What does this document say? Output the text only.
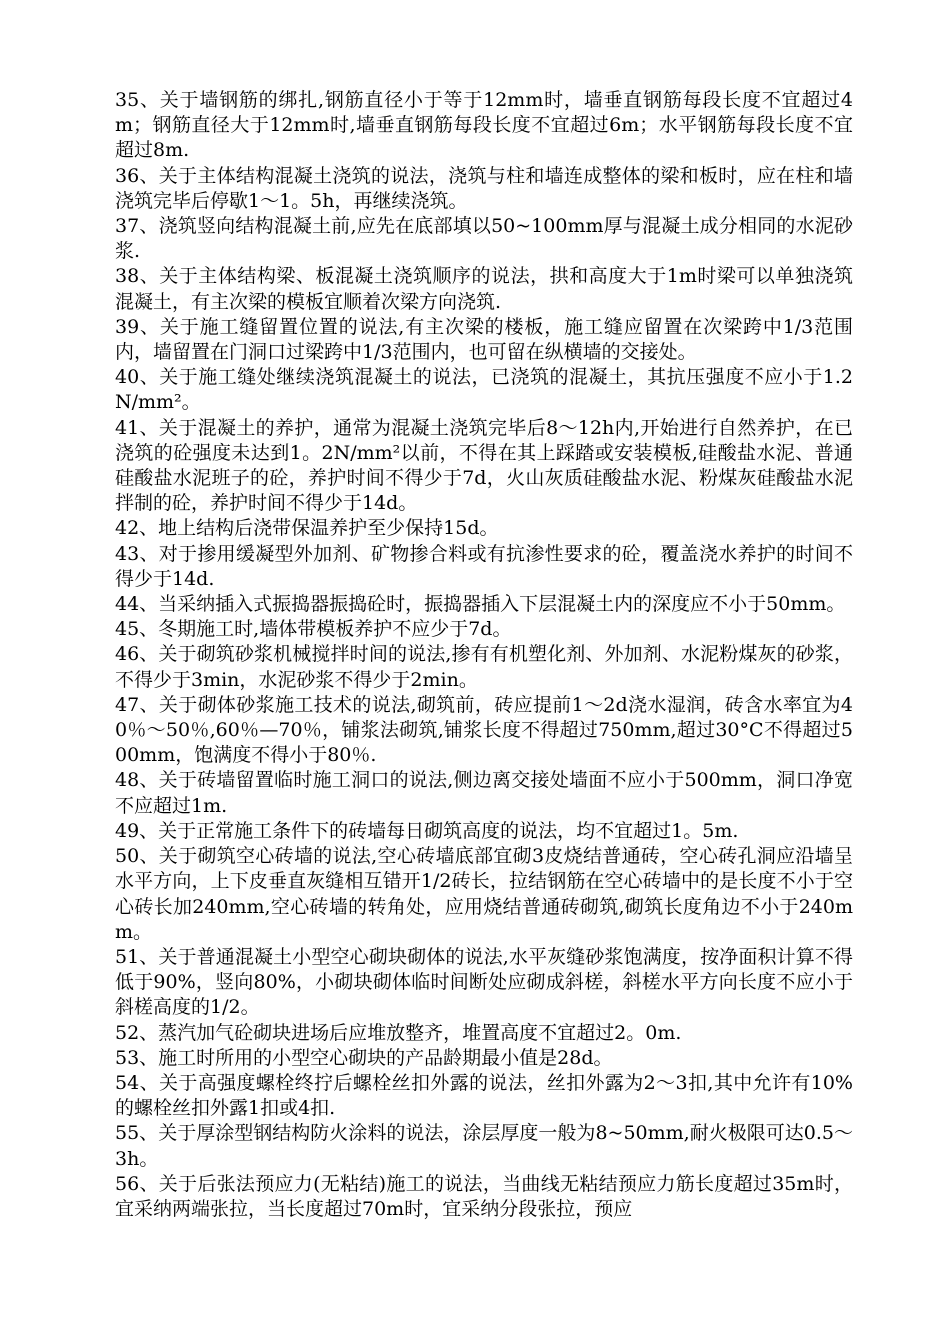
35、关于墙钢筋的绑扎,钢筋直径小于等于12mm时，墙垂直钢筋每段长度不宜超过4m；钢筋直径大于12mm时,墙垂直钢筋每段长度不宜超过6m；水平钢筋每段长度不宜超过8m.

36、关于主体结构混凝土浇筑的说法，浇筑与柱和墙连成整体的梁和板时，应在柱和墙浇筑完毕后停歇1～1。5h，再继续浇筑。

37、浇筑竖向结构混凝土前,应先在底部填以50~100mm厚与混凝土成分相同的水泥砂浆.

38、关于主体结构梁、板混凝土浇筑顺序的说法，拱和高度大于1m时梁可以单独浇筑混凝土，有主次梁的模板宜顺着次梁方向浇筑.

39、关于施工缝留置位置的说法,有主次梁的楼板，施工缝应留置在次梁跨中1/3范围内，墙留置在门洞口过梁跨中1/3范围内，也可留在纵横墙的交接处。

40、关于施工缝处继续浇筑混凝土的说法，已浇筑的混凝土，其抗压强度不应小于1.2N/mm²。

41、关于混凝土的养护，通常为混凝土浇筑完毕后8～12h内,开始进行自然养护，在已浇筑的砼强度未达到1。2N/mm²以前，不得在其上踩踏或安装模板,硅酸盐水泥、普通硅酸盐水泥班子的砼，养护时间不得少于7d，火山灰质硅酸盐水泥、粉煤灰硅酸盐水泥拌制的砼，养护时间不得少于14d。

42、地上结构后浇带保温养护至少保持15d。

43、对于掺用缓凝型外加剂、矿物掺合料或有抗渗性要求的砼，覆盖浇水养护的时间不得少于14d.

44、当采纳插入式振捣器振捣砼时，振捣器插入下层混凝土内的深度应不小于50mm。

45、冬期施工时,墙体带模板养护不应少于7d。

46、关于砌筑砂浆机械搅拌时间的说法,掺有有机塑化剂、外加剂、水泥粉煤灰的砂浆，不得少于3min，水泥砂浆不得少于2min。

47、关于砌体砂浆施工技术的说法,砌筑前，砖应提前1～2d浇水湿润，砖含水率宜为40％～50％,60％—70％，铺浆法砌筑,铺浆长度不得超过750mm,超过30°C不得超过500mm，饱满度不得小于80％.

48、关于砖墙留置临时施工洞口的说法,侧边离交接处墙面不应小于500mm，洞口净宽不应超过1m.

49、关于正常施工条件下的砖墙每日砌筑高度的说法，均不宜超过1。5m.

50、关于砌筑空心砖墙的说法,空心砖墙底部宜砌3皮烧结普通砖，空心砖孔洞应沿墙呈水平方向，上下皮垂直灰缝相互错开1/2砖长，拉结钢筋在空心砖墙中的是长度不小于空心砖长加240mm,空心砖墙的转角处，应用烧结普通砖砌筑,砌筑长度角边不小于240mm。

51、关于普通混凝土小型空心砌块砌体的说法,水平灰缝砂浆饱满度，按净面积计算不得低于90%，竖向80%，小砌块砌体临时间断处应砌成斜槎，斜槎水平方向长度不应小于斜槎高度的1/2。

52、蒸汽加气砼砌块进场后应堆放整齐，堆置高度不宜超过2。0m.

53、施工时所用的小型空心砌块的产品龄期最小值是28d。

54、关于高强度螺栓终拧后螺栓丝扣外露的说法，丝扣外露为2～3扣,其中允许有10%的螺栓丝扣外露1扣或4扣.

55、关于厚涂型钢结构防火涂料的说法，涂层厚度一般为8~50mm,耐火极限可达0.5～3h。

56、关于后张法预应力(无粘结)施工的说法，当曲线无粘结预应力筋长度超过35m时，宜采纳两端张拉，当长度超过70m时，宜采纳分段张拉，预应
